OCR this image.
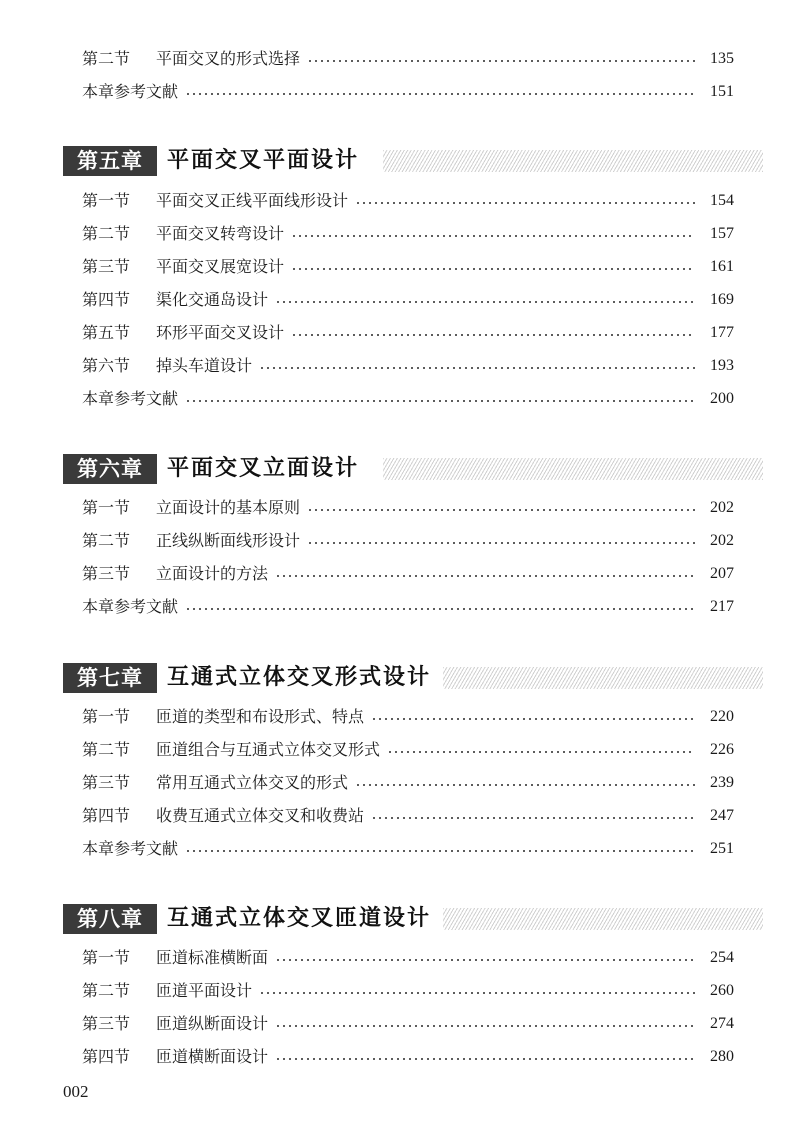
第二节	平面交叉的形式选择	135
本章参考文献	151
第五章	平面交叉平面设计
第一节	平面交叉正线平面线形设计	154
第二节	平面交叉转弯设计	157
第三节	平面交叉展宽设计	161
第四节	渠化交通岛设计	169
第五节	环形平面交叉设计	177
第六节	掉头车道设计	193
本章参考文献	200
第六章	平面交叉立面设计
第一节	立面设计的基本原则	202
第二节	正线纵断面线形设计	202
第三节	立面设计的方法	207
本章参考文献	217
第七章	互通式立体交叉形式设计
第一节	匝道的类型和布设形式、特点	220
第二节	匝道组合与互通式立体交叉形式	226
第三节	常用互通式立体交叉的形式	239
第四节	收费互通式立体交叉和收费站	247
本章参考文献	251
第八章	互通式立体交叉匝道设计
第一节	匝道标准横断面	254
第二节	匝道平面设计	260
第三节	匝道纵断面设计	274
第四节	匝道横断面设计	280
002
